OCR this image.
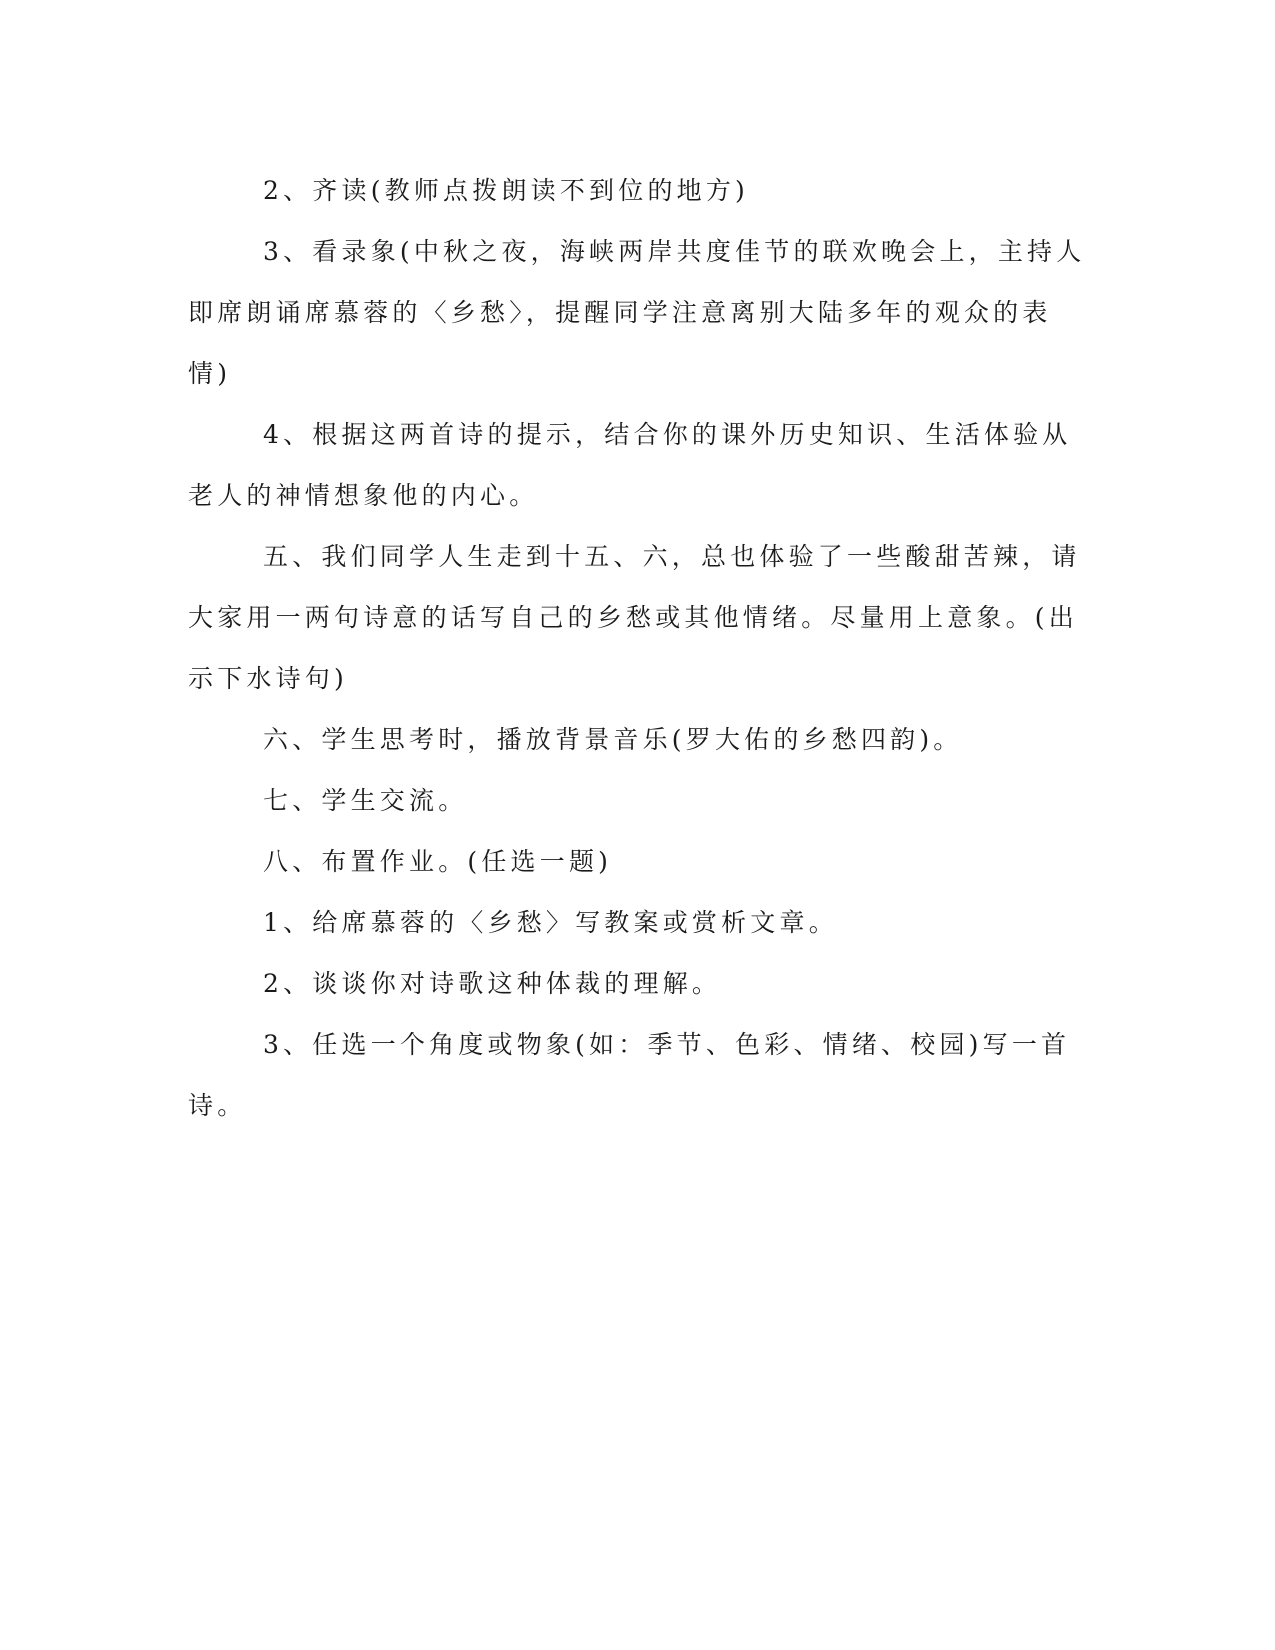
2、齐读(教师点拨朗读不到位的地方)

3、看录象(中秋之夜，海峡两岸共度佳节的联欢晚会上，主持人即席朗诵席慕蓉的〈乡愁〉，提醒同学注意离别大陆多年的观众的表情)

4、根据这两首诗的提示，结合你的课外历史知识、生活体验从老人的神情想象他的内心。

五、我们同学人生走到十五、六，总也体验了一些酸甜苦辣，请大家用一两句诗意的话写自己的乡愁或其他情绪。尽量用上意象。(出示下水诗句)

六、学生思考时，播放背景音乐(罗大佑的乡愁四韵)。

七、学生交流。

八、布置作业。(任选一题)

1、给席慕蓉的〈乡愁〉写教案或赏析文章。

2、谈谈你对诗歌这种体裁的理解。

3、任选一个角度或物象(如：季节、色彩、情绪、校园)写一首诗。
